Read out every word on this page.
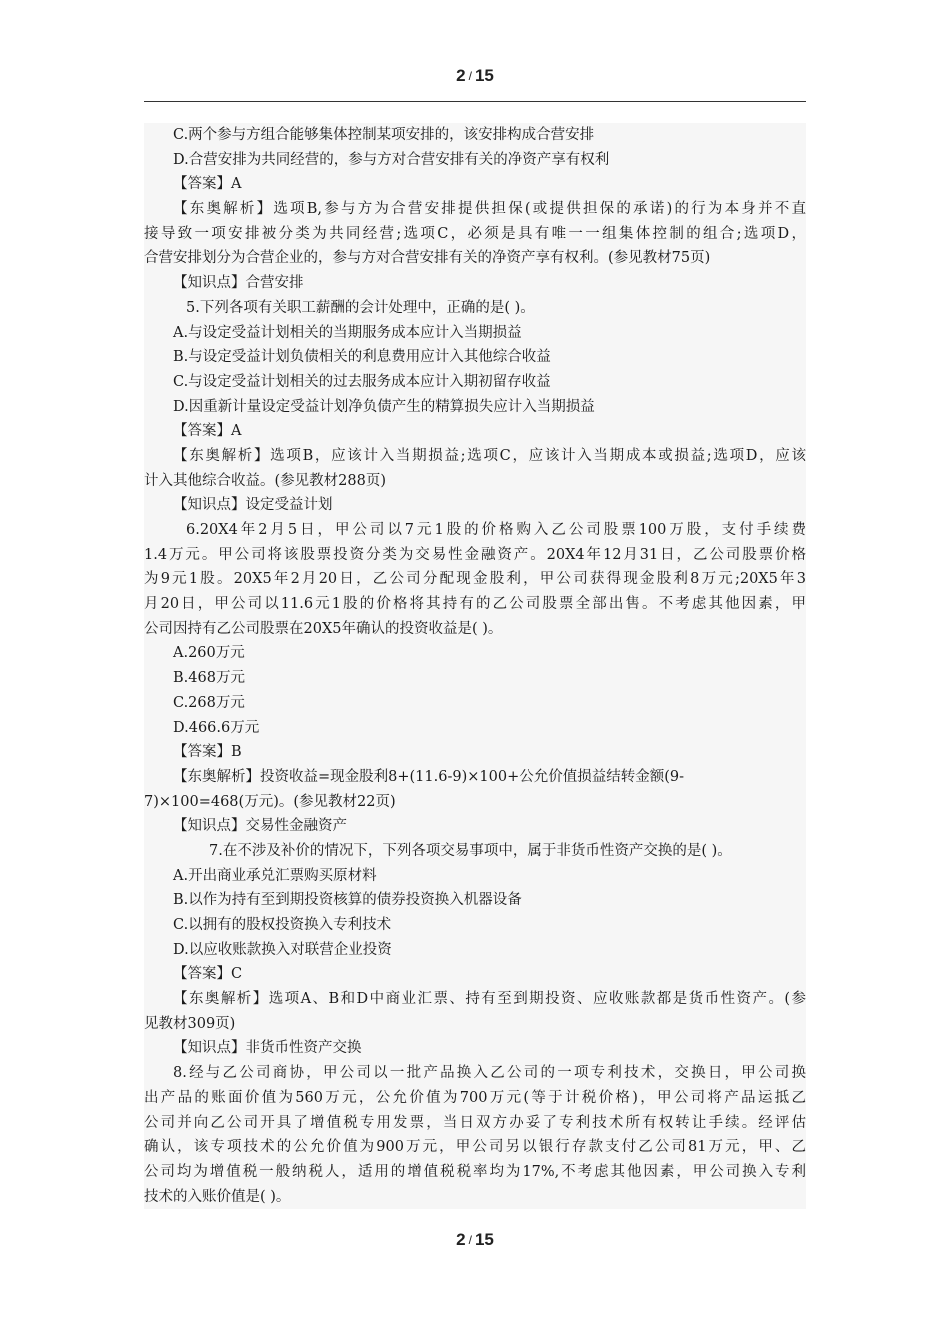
2 / 15
C.两个参与方组合能够集体控制某项安排的，该安排构成合营安排
D.合营安排为共同经营的，参与方对合营安排有关的净资产享有权利
【答案】A
【东奥解析】选项B,参与方为合营安排提供担保(或提供担保的承诺)的行为本身并不直
接导致一项安排被分类为共同经营;选项C，必须是具有唯一一组集体控制的组合;选项D，
合营安排划分为合营企业的，参与方对合营安排有关的净资产享有权利。(参见教材75页)
【知识点】合营安排
5.下列各项有关职工薪酬的会计处理中，正确的是( )。
A.与设定受益计划相关的当期服务成本应计入当期损益
B.与设定受益计划负债相关的利息费用应计入其他综合收益
C.与设定受益计划相关的过去服务成本应计入期初留存收益
D.因重新计量设定受益计划净负债产生的精算损失应计入当期损益
【答案】A
【东奥解析】选项B，应该计入当期损益;选项C，应该计入当期成本或损益;选项D，应该
计入其他综合收益。(参见教材288页)
【知识点】设定受益计划
6.20X4年2月5日，甲公司以7元1股的价格购入乙公司股票100万股，支付手续费
1.4万元。甲公司将该股票投资分类为交易性金融资产。20X4年12月31日，乙公司股票价格
为9元1股。20X5年2月20日，乙公司分配现金股利，甲公司获得现金股利8万元;20X5年3
月20日，甲公司以11.6元1股的价格将其持有的乙公司股票全部出售。不考虑其他因素，甲
公司因持有乙公司股票在20X5年确认的投资收益是( )。
A.260万元
B.468万元
C.268万元
D.466.6万元
【答案】B
【东奥解析】投资收益=现金股利8+(11.6-9)×100+公允价值损益结转金额(9-
7)×100=468(万元)。(参见教材22页)
【知识点】交易性金融资产
7.在不涉及补价的情况下，下列各项交易事项中，属于非货币性资产交换的是( )。
A.开出商业承兑汇票购买原材料
B.以作为持有至到期投资核算的债券投资换入机器设备
C.以拥有的股权投资换入专利技术
D.以应收账款换入对联营企业投资
【答案】C
【东奥解析】选项A、B和D中商业汇票、持有至到期投资、应收账款都是货币性资产。(参
见教材309页)
【知识点】非货币性资产交换
8.经与乙公司商协，甲公司以一批产品换入乙公司的一项专利技术，交换日，甲公司换
出产品的账面价值为560万元，公允价值为700万元(等于计税价格)，甲公司将产品运抵乙
公司并向乙公司开具了增值税专用发票，当日双方办妥了专利技术所有权转让手续。经评估
确认，该专项技术的公允价值为900万元，甲公司另以银行存款支付乙公司81万元，甲、乙
公司均为增值税一般纳税人，适用的增值税税率均为17%,不考虑其他因素，甲公司换入专利
技术的入账价值是( )。
2 / 15
